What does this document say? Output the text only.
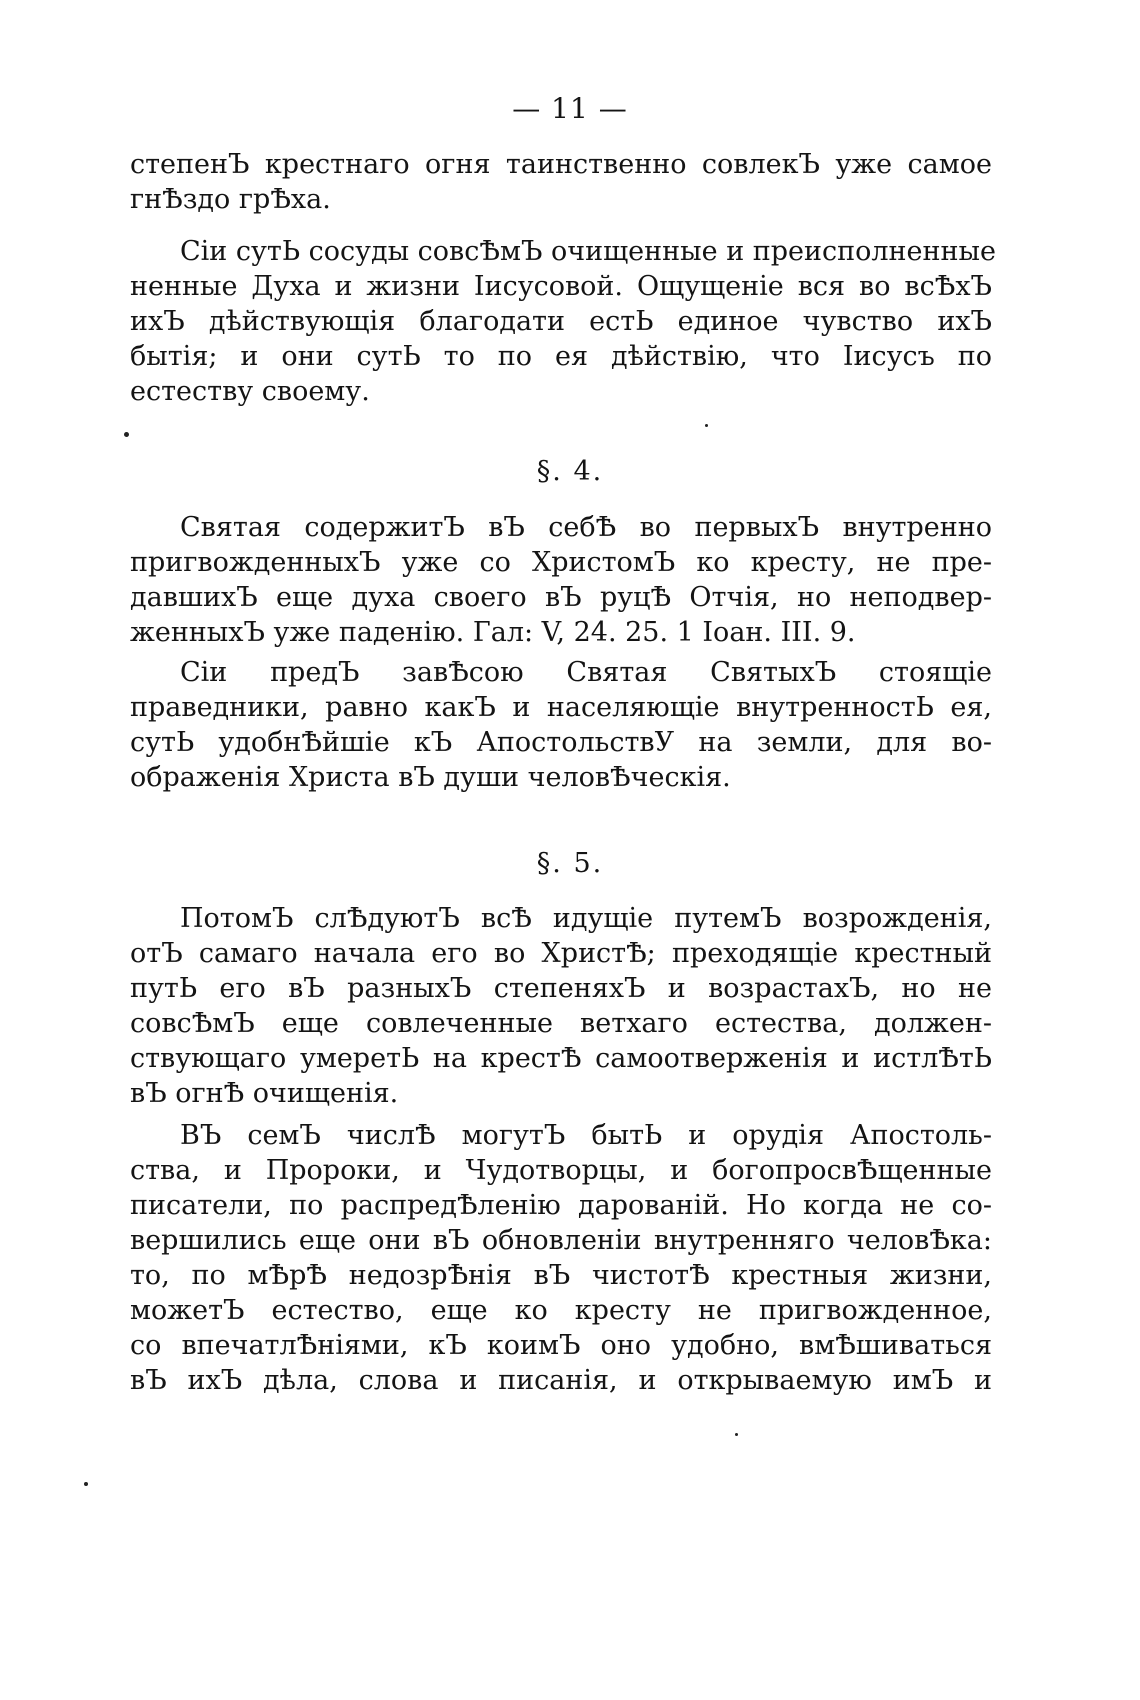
— 11 —
степенЪ крестнаго огня таинственно совлекЪ уже самое
гнѢздо грѢха.
Сiи сутЬ сосуды совсѢмЪ очищенные и преисполненные
ненные Духа и жизни Iисусовой. Ощущенiе вся во всѢхЪ
ихЪ дѣйствующiя благодати естЬ единое чувство ихЪ
бытiя; и они сутЬ то по ея дѣйствiю, что Iисусъ по
естеству своему.
§. 4.
Святая содержитЪ вЪ себѢ во первыхЪ внутренно
пригвожденныхЪ уже со ХристомЪ ко кресту, не пре-
давшихЪ еще духа своего вЪ руцѢ Отчiя, но неподвер-
женныхЪ уже паденiю. Гал: V, 24. 25. 1 Iоан. III. 9.
Сiи предЪ завѢсою Святая СвятыхЪ стоящiе
праведники, равно какЪ и населяющiе внутренностЬ ея,
сутЬ удобнѢйшiе кЪ АпостольствУ на земли, для во-
ображенiя Христа вЪ души человѢческiя.
§. 5.
ПотомЪ слѢдуютЪ всѢ идущiе путемЪ возрожденiя,
отЪ самаго начала его во ХристѢ; преходящiе крестный
путЬ его вЪ разныхЪ степеняхЪ и возрастахЪ, но не
совсѢмЪ еще совлеченные ветхаго естества, должен-
ствующаго умеретЬ на крестѢ самоотверженiя и истлѢтЬ
вЪ огнѢ очищенiя.
ВЪ семЪ числѢ могутЪ бытЬ и орудiя Апостоль-
ства, и Пророки, и Чудотворцы, и богопросвѢщенные
писатели, по распредѢленiю дарованiй. Но когда не со-
вершились еще они вЪ обновленiи внутренняго человѢка:
то, по мѢрѢ недозрѢнiя вЪ чистотѢ крестныя жизни,
можетЪ естество, еще ко кресту не пригвожденное,
со впечатлѢнiями, кЪ коимЪ оно удобно, вмѢшиваться
вЪ ихЪ дѣла, слова и писанiя, и открываемую имЪ и
